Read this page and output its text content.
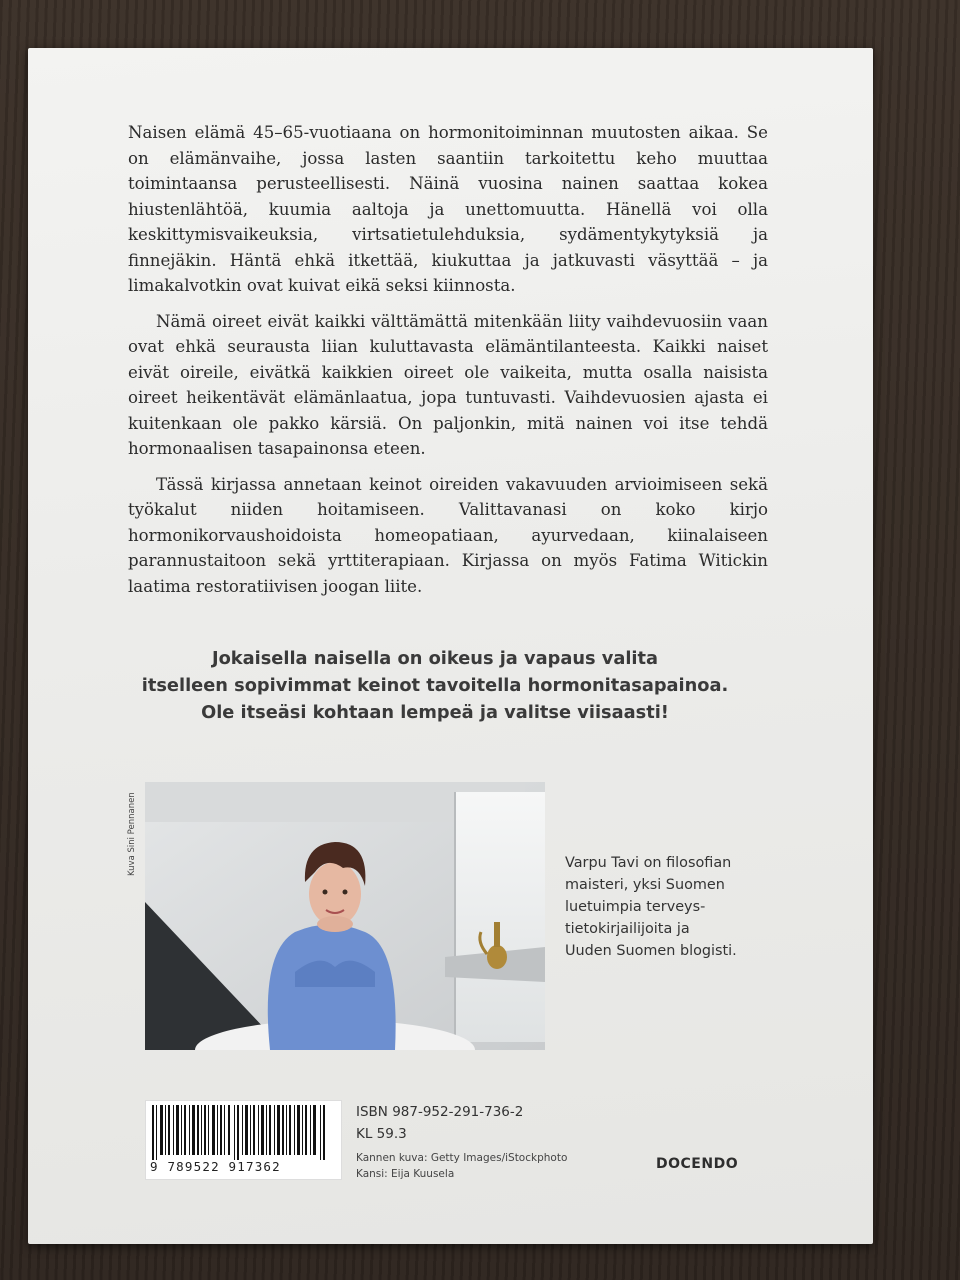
Naisen elämä 45–65-vuotiaana on hormonitoiminnan muutosten aikaa. Se on elämänvaihe, jossa lasten saantiin tarkoitettu keho muuttaa toimintaansa perusteellisesti. Näinä vuosina nainen saattaa kokea hiustenlähtöä, kuumia aaltoja ja unettomuutta. Hänellä voi olla keskittymisvaikeuksia, virtsatietulehduksia, sydämentykytyksiä ja finnejäkin. Häntä ehkä itkettää, kiukuttaa ja jatkuvasti väsyttää – ja limakalvotkin ovat kuivat eikä seksi kiinnosta.

Nämä oireet eivät kaikki välttämättä mitenkään liity vaihdevuosiin vaan ovat ehkä seurausta liian kuluttavasta elämäntilanteesta. Kaikki naiset eivät oireile, eivätkä kaikkien oireet ole vaikeita, mutta osalla naisista oireet heikentävät elämänlaatua, jopa tuntuvasti. Vaihdevuosien ajasta ei kuitenkaan ole pakko kärsiä. On paljonkin, mitä nainen voi itse tehdä hormonaalisen tasapainonsa eteen.

Tässä kirjassa annetaan keinot oireiden vakavuuden arvioimiseen sekä työkalut niiden hoitamiseen. Valittavanasi on koko kirjo hormonikorvaushoidoista homeopatiaan, ayurvedaan, kiinalaiseen parannustaitoon sekä yrttiterapiaan. Kirjassa on myös Fatima Witickin laatima restoratiivisen joogan liite.

Jokaisella naisella on oikeus ja vapaus valita
itselleen sopivimmat keinot tavoitella hormonitasapainoa.
Ole itseäsi kohtaan lempeä ja valitse viisaasti!
Kuva Sini Pennanen	Varpu Tavi on filosofian
maisteri, yksi Suomen
luetuimpia terveys-
tietokirjailijoita ja
Uuden Suomen blogisti.
9 789522 917362
ISBN 987-952-291-736-2
KL 59.3
Kannen kuva: Getty Images/iStockphoto
Kansi: Eija Kuusela
DOCENDO
